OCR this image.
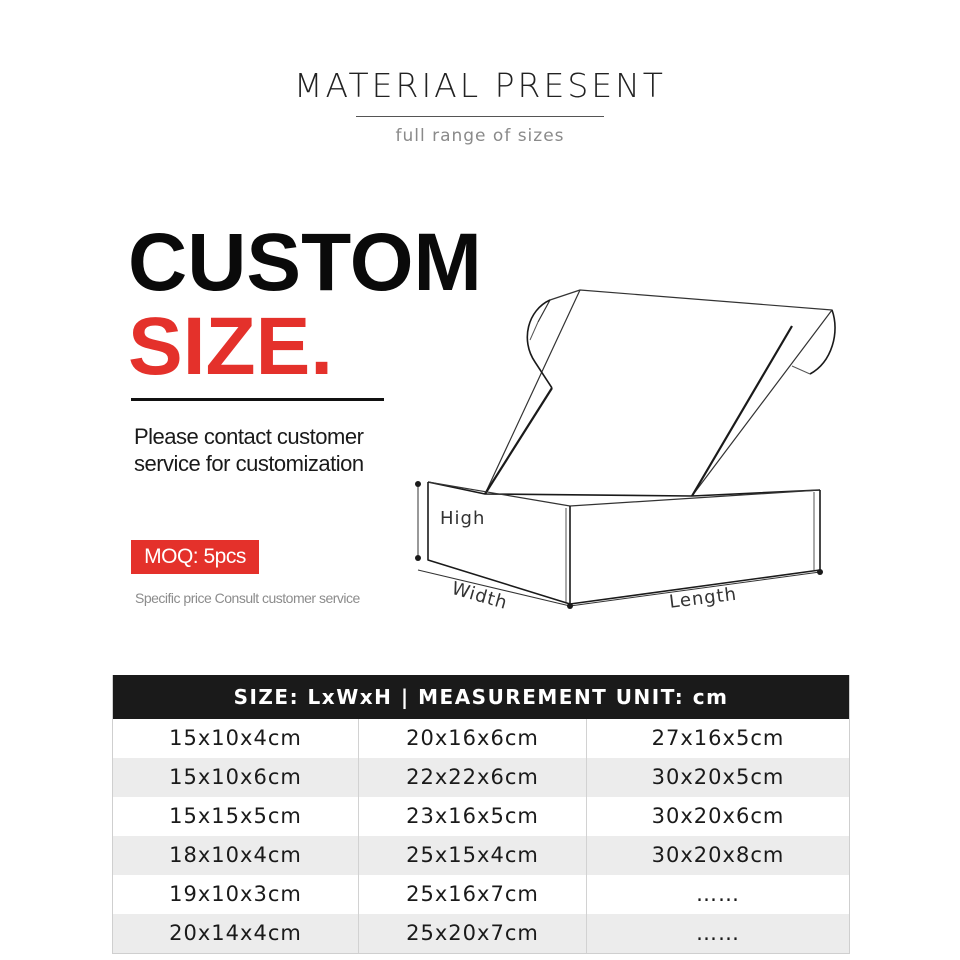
MATERIAL PRESENT
full range of sizes
CUSTOM
SIZE.
Please contact customer service for customization
MOQ: 5pcs
Specific price Consult customer service
High
Width	Length
SIZE: LxWxH | MEASUREMENT UNIT: cm
15x10x4cm	20x16x6cm	27x16x5cm
15x10x6cm	22x22x6cm	30x20x5cm
15x15x5cm	23x16x5cm	30x20x6cm
18x10x4cm	25x15x4cm	30x20x8cm
19x10x3cm	25x16x7cm	……
20x14x4cm	25x20x7cm	……
